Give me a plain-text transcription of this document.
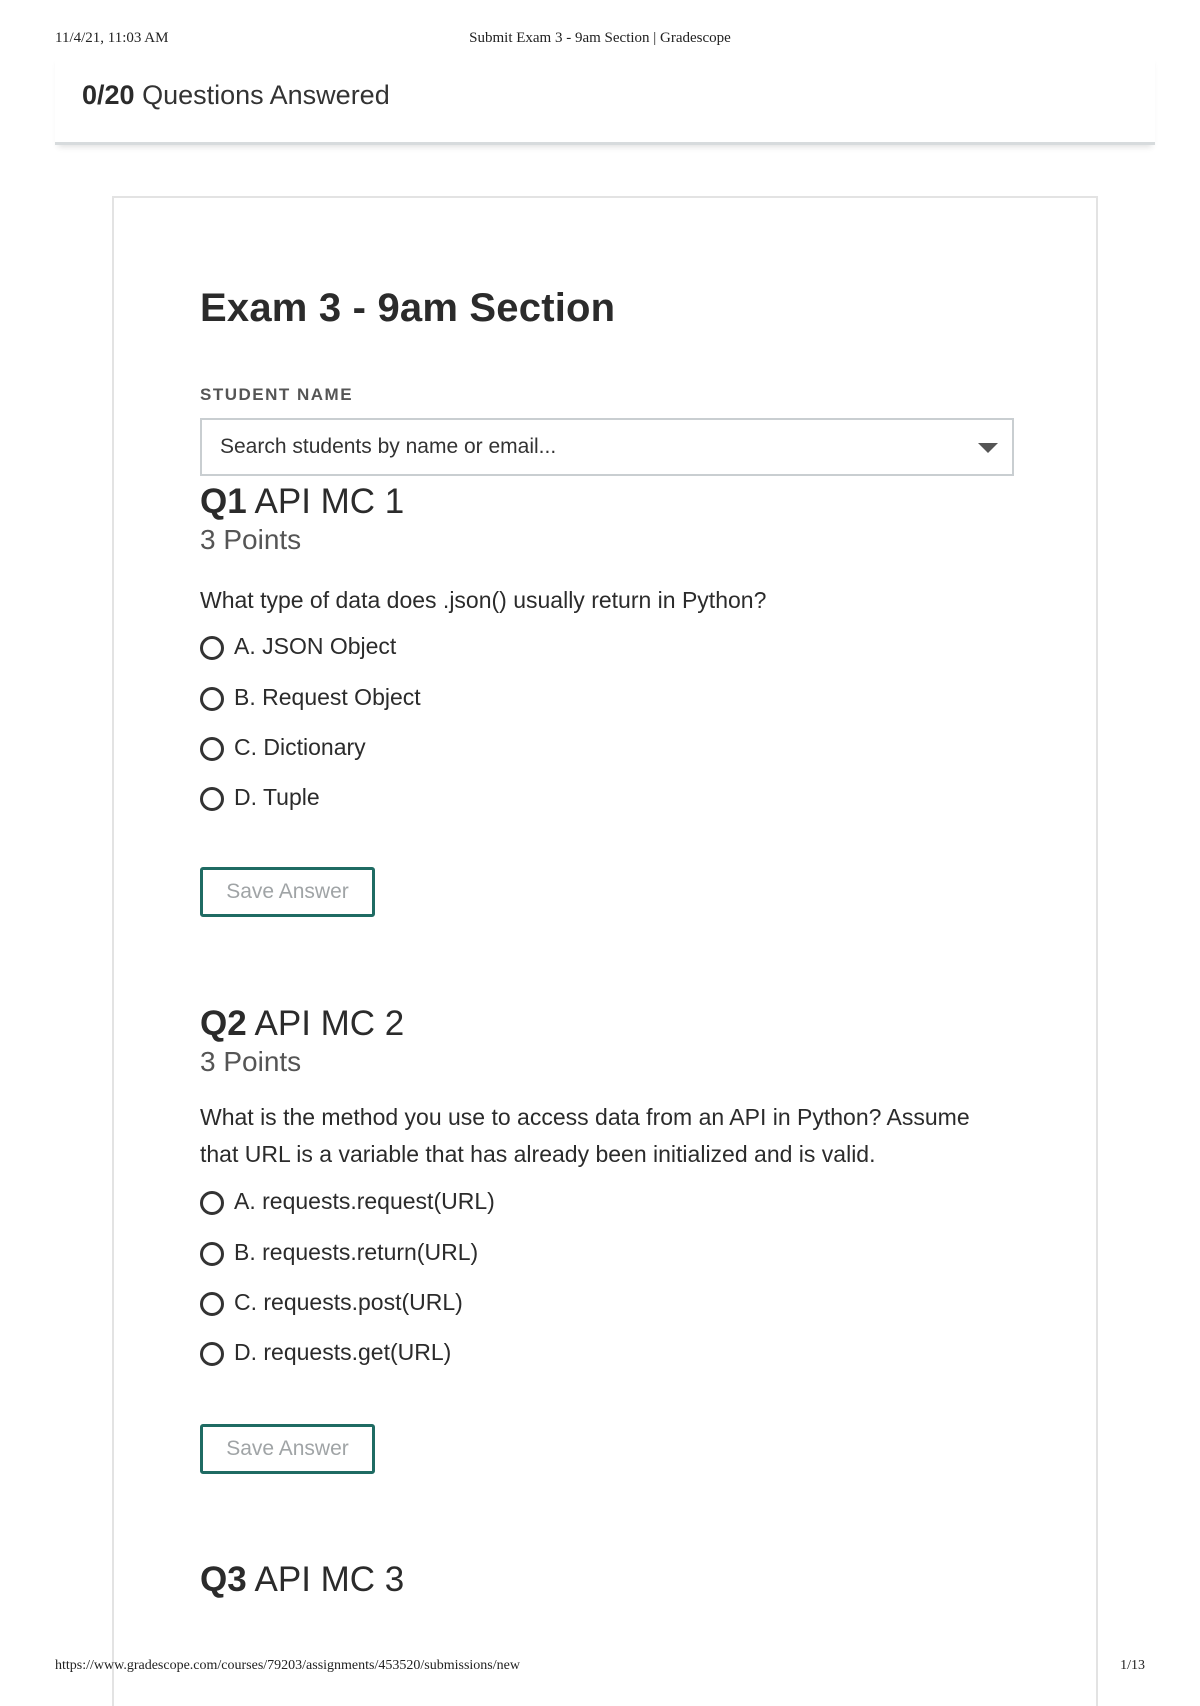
11/4/21, 11:03 AM	Submit Exam 3 - 9am Section | Gradescope
0/20 Questions Answered
Exam 3 - 9am Section
STUDENT NAME
Search students by name or email...
Q1 API MC 1
3 Points
What type of data does .json() usually return in Python?
A. JSON Object
B. Request Object
C. Dictionary
D. Tuple
Save Answer
Q2 API MC 2
3 Points
What is the method you use to access data from an API in Python? Assume that URL is a variable that has already been initialized and is valid.
A. requests.request(URL)
B. requests.return(URL)
C. requests.post(URL)
D. requests.get(URL)
Save Answer
Q3 API MC 3
https://www.gradescope.com/courses/79203/assignments/453520/submissions/new	1/13
